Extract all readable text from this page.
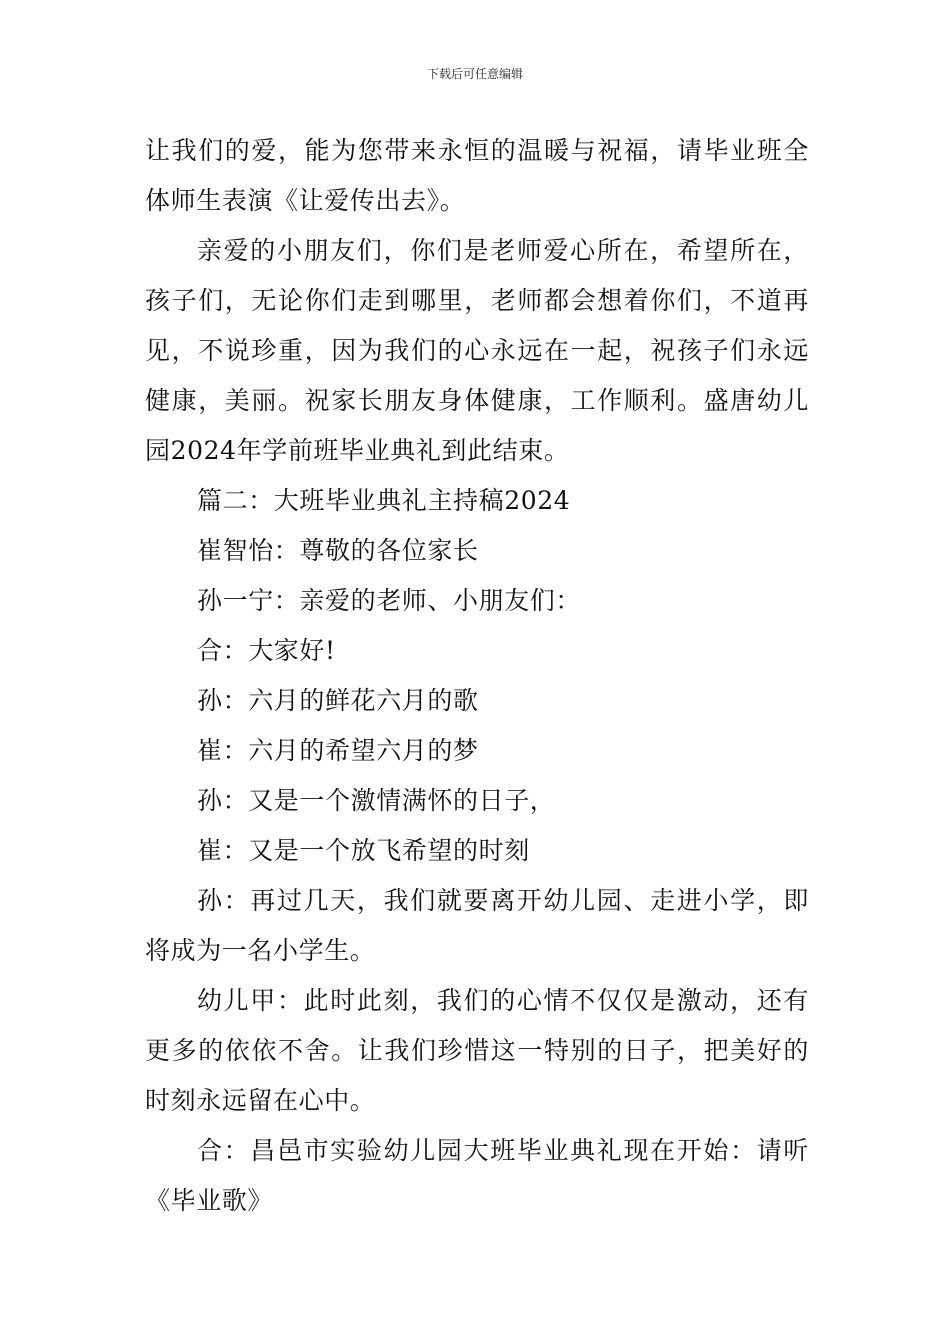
下载后可任意编辑
让我们的爱，能为您带来永恒的温暖与祝福，请毕业班全
体师生表演《让爱传出去》。
亲爱的小朋友们，你们是老师爱心所在，希望所在，
孩子们，无论你们走到哪里，老师都会想着你们，不道再
见，不说珍重，因为我们的心永远在一起，祝孩子们永远
健康，美丽。祝家长朋友身体健康，工作顺利。盛唐幼儿
园2024年学前班毕业典礼到此结束。
篇二：大班毕业典礼主持稿2024
崔智怡：尊敬的各位家长
孙一宁：亲爱的老师、小朋友们：
合：大家好!
孙：六月的鲜花六月的歌
崔：六月的希望六月的梦
孙：又是一个激情满怀的日子，
崔：又是一个放飞希望的时刻
孙：再过几天，我们就要离开幼儿园、走进小学，即
将成为一名小学生。
幼儿甲：此时此刻，我们的心情不仅仅是激动，还有
更多的依依不舍。让我们珍惜这一特别的日子，把美好的
时刻永远留在心中。
合：昌邑市实验幼儿园大班毕业典礼现在开始：请听
《毕业歌》
